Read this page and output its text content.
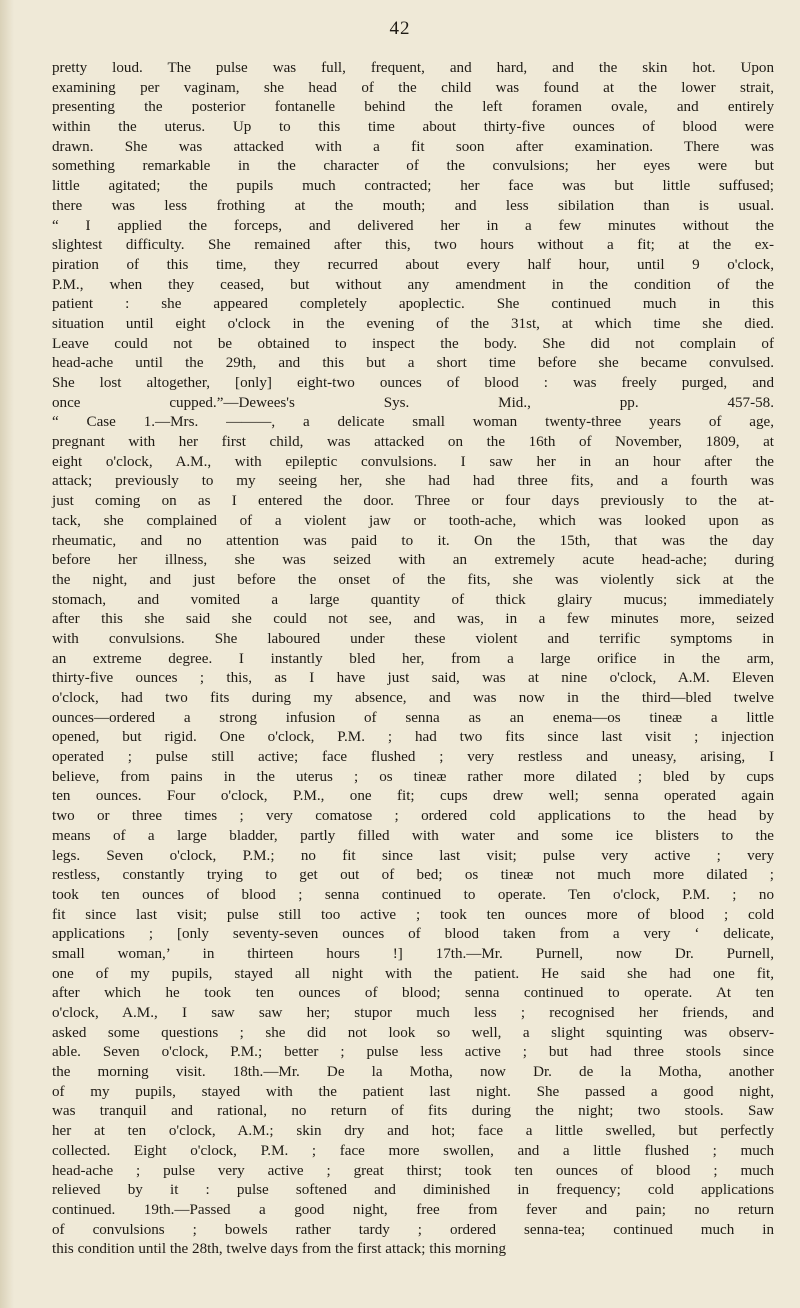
42
pretty loud. The pulse was full, frequent, and hard, and the skin hot. Upon
examining per vaginam, she head of the child was found at the lower strait,
presenting the posterior fontanelle behind the left foramen ovale, and entirely
within the uterus. Up to this time about thirty-five ounces of blood were
drawn. She was attacked with a fit soon after examination. There was
something remarkable in the character of the convulsions; her eyes were but
little agitated; the pupils much contracted; her face was but little suffused;
there was less frothing at the mouth; and less sibilation than is usual.
“ I applied the forceps, and delivered her in a few minutes without the
slightest difficulty. She remained after this, two hours without a fit; at the ex-
piration of this time, they recurred about every half hour, until 9 o'clock,
P.M., when they ceased, but without any amendment in the condition of the
patient : she appeared completely apoplectic. She continued much in this
situation until eight o'clock in the evening of the 31st, at which time she died.
Leave could not be obtained to inspect the body. She did not complain of
head-ache until the 29th, and this but a short time before she became convulsed.
She lost altogether, [only] eight-two ounces of blood : was freely purged, and
once cupped.”—Dewees's Sys. Mid., pp. 457-58.
“ Case 1.—Mrs. ———, a delicate small woman twenty-three years of age,
pregnant with her first child, was attacked on the 16th of November, 1809, at
eight o'clock, A.M., with epileptic convulsions. I saw her in an hour after the
attack; previously to my seeing her, she had had three fits, and a fourth was
just coming on as I entered the door. Three or four days previously to the at-
tack, she complained of a violent jaw or tooth-ache, which was looked upon as
rheumatic, and no attention was paid to it. On the 15th, that was the day
before her illness, she was seized with an extremely acute head-ache; during
the night, and just before the onset of the fits, she was violently sick at the
stomach, and vomited a large quantity of thick glairy mucus; immediately
after this she said she could not see, and was, in a few minutes more, seized
with convulsions. She laboured under these violent and terrific symptoms in
an extreme degree. I instantly bled her, from a large orifice in the arm,
thirty-five ounces ; this, as I have just said, was at nine o'clock, A.M. Eleven
o'clock, had two fits during my absence, and was now in the third—bled twelve
ounces—ordered a strong infusion of senna as an enema—os tineæ a little
opened, but rigid. One o'clock, P.M. ; had two fits since last visit ; injection
operated ; pulse still active; face flushed ; very restless and uneasy, arising, I
believe, from pains in the uterus ; os tineæ rather more dilated ; bled by cups
ten ounces. Four o'clock, P.M., one fit; cups drew well; senna operated again
two or three times ; very comatose ; ordered cold applications to the head by
means of a large bladder, partly filled with water and some ice blisters to the
legs. Seven o'clock, P.M.; no fit since last visit; pulse very active ; very
restless, constantly trying to get out of bed; os tineæ not much more dilated ;
took ten ounces of blood ; senna continued to operate. Ten o'clock, P.M. ; no
fit since last visit; pulse still too active ; took ten ounces more of blood ; cold
applications ; [only seventy-seven ounces of blood taken from a very ‘ delicate,
small woman,’ in thirteen hours !] 17th.—Mr. Purnell, now Dr. Purnell,
one of my pupils, stayed all night with the patient. He said she had one fit,
after which he took ten ounces of blood; senna continued to operate. At ten
o'clock, A.M., I saw saw her; stupor much less ; recognised her friends, and
asked some questions ; she did not look so well, a slight squinting was observ-
able. Seven o'clock, P.M.; better ; pulse less active ; but had three stools since
the morning visit. 18th.—Mr. De la Motha, now Dr. de la Motha, another
of my pupils, stayed with the patient last night. She passed a good night,
was tranquil and rational, no return of fits during the night; two stools. Saw
her at ten o'clock, A.M.; skin dry and hot; face a little swelled, but perfectly
collected. Eight o'clock, P.M. ; face more swollen, and a little flushed ; much
head-ache ; pulse very active ; great thirst; took ten ounces of blood ; much
relieved by it : pulse softened and diminished in frequency; cold applications
continued. 19th.—Passed a good night, free from fever and pain; no return
of convulsions ; bowels rather tardy ; ordered senna-tea; continued much in
this condition until the 28th, twelve days from the first attack; this morning
